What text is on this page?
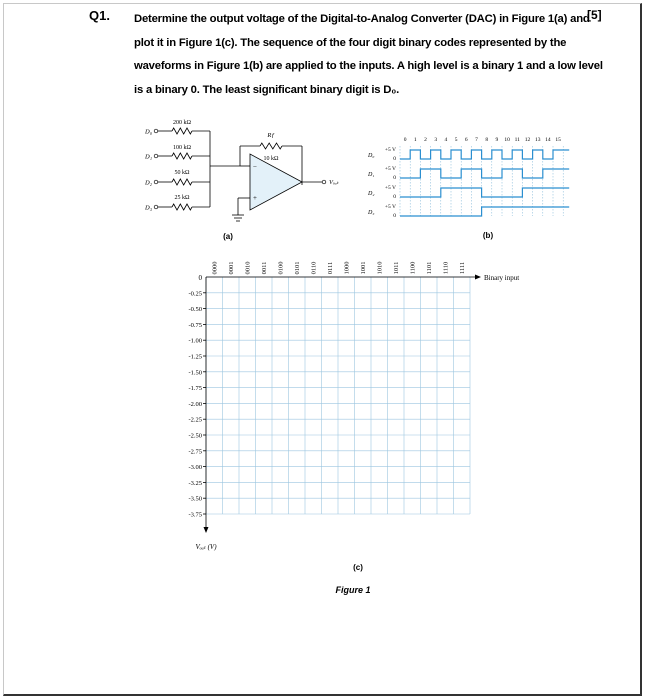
Q1. Determine the output voltage of the Digital-to-Analog Converter (DAC) in Figure 1(a) and plot it in Figure 1(c). The sequence of the four digit binary codes represented by the waveforms in Figure 1(b) are applied to the inputs. A high level is a binary 1 and a low level is a binary 0. The least significant binary digit is D₀.
[5]
D₀
200 kΩ
D₁
100 kΩ
D₂
50 kΩ
D₃
25 kΩ
Rƒ
10 kΩ
−
+
Vₒᵤₜ
(a)
0 1 2 3 4 5 6 7 8 9 10 11 12 13 14 15
D₀
+5 V
0
D₁
+5 V
0
D₂
+5 V
0
D₃
+5 V
0
(b)
0000 0001 0010 0011 0100 0101 0110 0111 1000 1001 1010 1011 1100 1101 1110 1111
Binary input
0
-0.25
-0.50
-0.75
-1.00
-1.25
-1.50
-1.75
-2.00
-2.25
-2.50
-2.75
-3.00
-3.25
-3.50
-3.75
Vₒᵤₜ (V)
(c)
Figure 1
